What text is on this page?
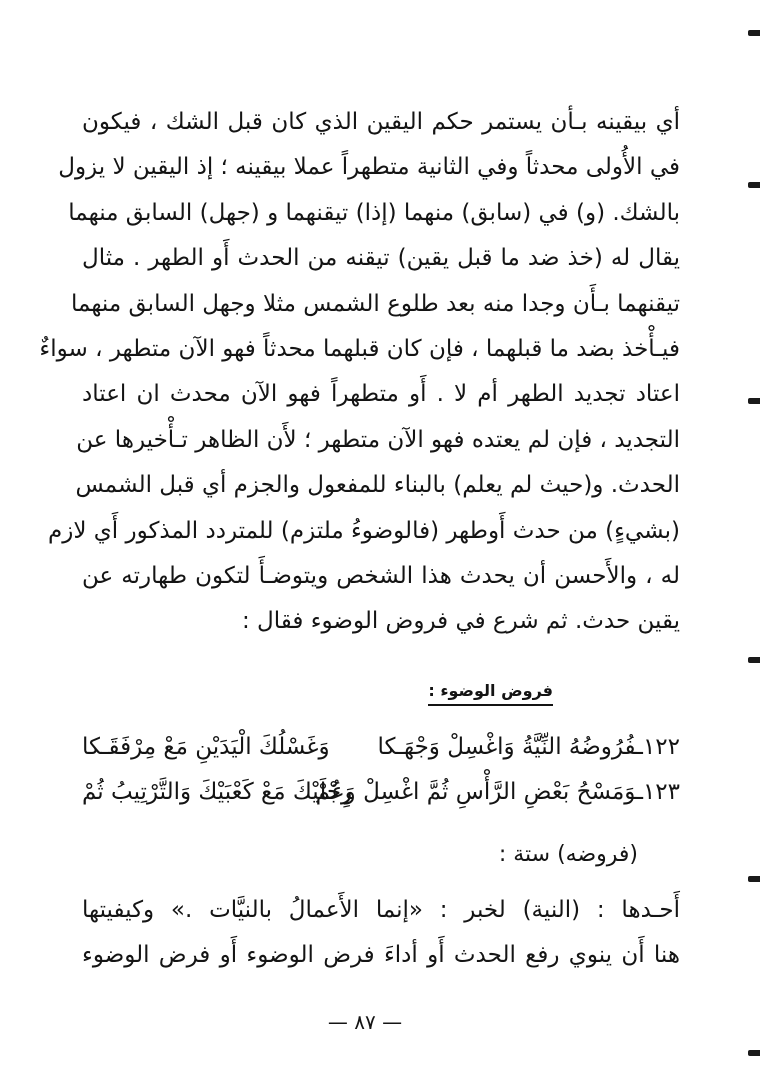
أي بيقينه بـأن يستمر حكم اليقين الذي كان قبل الشك ، فيكون
في الأُولى محدثاً وفي الثانية متطهراً عملا بيقينه ؛ إذ اليقين لا يزول
بالشك. (و) في (سابق) منهما (إذا) تيقنهما و (جهل) السابق منهما
يقال له (خذ ضد ما قبل يقين) تيقنه من الحدث أَو الطهر . مثال
تيقنهما بـأَن وجدا منه بعد طلوع الشمس مثلا وجهل السابق منهما
فيـأْخذ بضد ما قبلهما ، فإن كان قبلهما محدثاً فهو الآن متطهر ، سواءٌ
اعتاد تجديد الطهر أم لا . أَو متطهراً فهو الآن محدث ان اعتاد
التجديد ، فإن لم يعتده فهو الآن متطهر ؛ لأَن الظاهر تـأْخيرها عن
الحدث. و(حيث لم يعلم) بالبناء للمفعول والجزم أي قبل الشمس
(بشيءٍ) من حدث أَوطهر (فالوضوءُ ملتزم) للمتردد المذكور أَي لازم
له ، والأَحسن أن يحدث هذا الشخص ويتوضـأَ لتكون طهارته عن
يقين حدث. ثم شرع في فروض الوضوء فقال :

فروض الوضوء :
١٢٢ـفُرُوضُهُ النِّيَّةُ وَاغْسِلْ وَجْهَـكا
وَغَسْلُكَ الْيَدَيْنِ مَعْ مِرْفَقَـكا
١٢٣ـوَمَسْحُ بَعْضِ الرَّأْسِ ثُمَّ اغْسِلْ وَعُمْ
رِجْلَيْكَ مَعْ كَعْبَيْكَ وَالتَّرْتِيبُ ثُمْ
(فروضه) ستة :

أَحـدها : (النية) لخبر : «إنما الأَعمالُ بالنيَّات .» وكيفيتها
هنا أَن ينوي رفع الحدث أَو أداءَ فرض الوضوء أَو فرض الوضوء

— ٨٧ —
